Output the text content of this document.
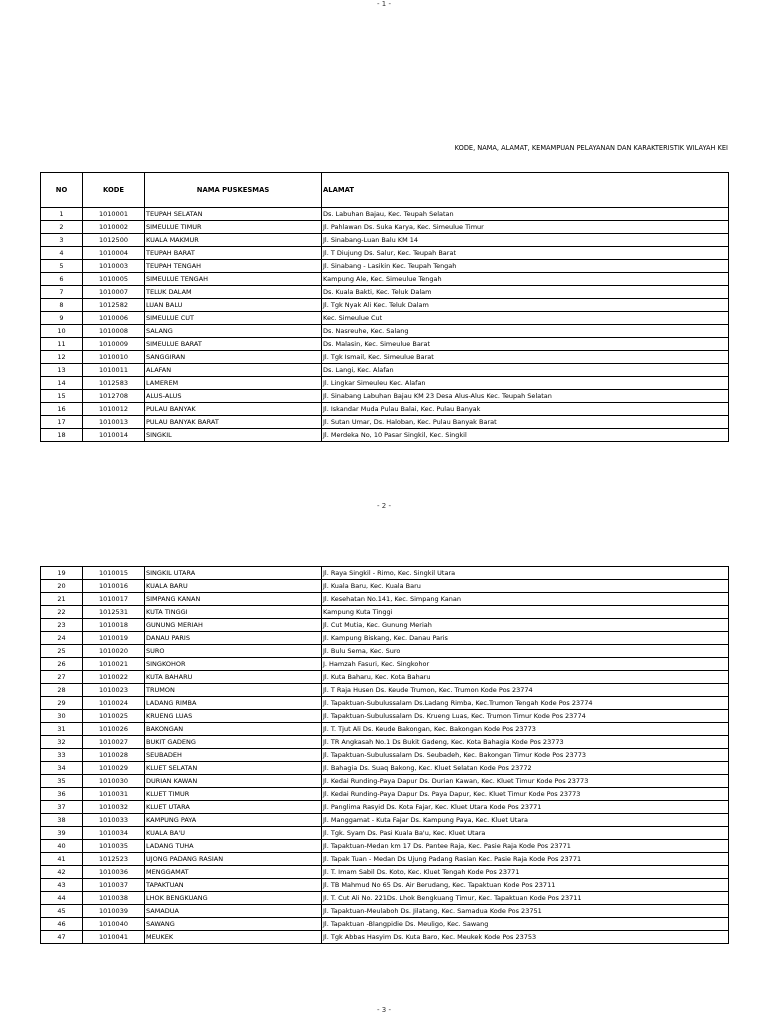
- 1 -
KODE, NAMA, ALAMAT, KEMAMPUAN PELAYANAN DAN KARAKTERISTIK WILAYAH KEI
NO	KODE	NAMA PUSKESMAS	ALAMAT
1	1010001	TEUPAH SELATAN	Ds. Labuhan Bajau, Kec. Teupah Selatan
2	1010002	SIMEULUE TIMUR	Jl. Pahlawan Ds. Suka Karya, Kec. Simeulue Timur
3	1012500	KUALA MAKMUR	Jl. Sinabang-Luan Balu KM 14
4	1010004	TEUPAH BARAT	Jl. T Diujung Ds. Salur, Kec. Teupah Barat
5	1010003	TEUPAH TENGAH	Jl. Sinabang - Lasikin Kec. Teupah Tengah
6	1010005	SIMEULUE TENGAH	Kampung Ale, Kec. Simeulue Tengah
7	1010007	TELUK DALAM	Ds. Kuala Bakti, Kec. Teluk Dalam
8	1012582	LUAN BALU	Jl. Tgk Nyak Ali Kec. Teluk Dalam
9	1010006	SIMEULUE CUT	Kec. Simeulue Cut
10	1010008	SALANG	Ds. Nasreuhe, Kec. Salang
11	1010009	SIMEULUE BARAT	Ds. Malasin, Kec. Simeulue Barat
12	1010010	SANGGIRAN	Jl. Tgk Ismail, Kec. Simeulue Barat
13	1010011	ALAFAN	Ds. Langi, Kec. Alafan
14	1012583	LAMEREM	Jl. Lingkar Simeuleu Kec. Alafan
15	1012708	ALUS-ALUS	Jl. Sinabang Labuhan Bajau KM 23 Desa Alus-Alus Kec. Teupah Selatan
16	1010012	PULAU BANYAK	Jl. Iskandar Muda Pulau Balai, Kec. Pulau Banyak
17	1010013	PULAU BANYAK BARAT	Jl. Sutan Umar, Ds. Haloban, Kec. Pulau Banyak Barat
18	1010014	SINGKIL	Jl. Merdeka No, 10 Pasar Singkil, Kec. Singkil
- 2 -
19	1010015	SINGKIL UTARA	Jl. Raya Singkil - Rimo, Kec. Singkil Utara
20	1010016	KUALA BARU	Jl. Kuala Baru, Kec. Kuala Baru
21	1010017	SIMPANG KANAN	Jl. Kesehatan No.141, Kec. Simpang Kanan
22	1012531	KUTA TINGGI	Kampung Kuta Tinggi
23	1010018	GUNUNG MERIAH	Jl. Cut Mutia, Kec. Gunung Meriah
24	1010019	DANAU PARIS	Jl. Kampung Biskang, Kec. Danau Paris
25	1010020	SURO	Jl. Bulu Sema, Kec. Suro
26	1010021	SINGKOHOR	J. Hamzah Fasuri, Kec. Singkohor
27	1010022	KUTA BAHARU	Jl. Kuta Baharu, Kec. Kota Baharu
28	1010023	TRUMON	Jl. T Raja Husen Ds. Keude Trumon, Kec. Trumon Kode Pos 23774
29	1010024	LADANG RIMBA	Jl. Tapaktuan-Subulussalam Ds.Ladang Rimba, Kec.Trumon Tengah Kode Pos 23774
30	1010025	KRUENG LUAS	Jl. Tapaktuan-Subulussalam Ds. Krueng Luas, Kec. Trumon Timur Kode Pos 23774
31	1010026	BAKONGAN	Jl. T. Tjut Ali Ds. Keude Bakongan, Kec. Bakongan Kode Pos 23773
32	1010027	BUKIT GADENG	Jl. TR Angkasah No.1 Ds Bukit Gadeng, Kec. Kota Bahagia Kode Pos 23773
33	1010028	SEUBADEH	Jl. Tapaktuan-Subulussalam Ds. Seubadeh, Kec. Bakongan Timur Kode Pos 23773
34	1010029	KLUET SELATAN	Jl. Bahagia Ds. Suaq Bakong, Kec. Kluet Selatan Kode Pos 23772
35	1010030	DURIAN KAWAN	Jl. Kedai Runding-Paya Dapur Ds. Durian Kawan, Kec. Kluet Timur Kode Pos 23773
36	1010031	KLUET TIMUR	Jl. Kedai Runding-Paya Dapur Ds. Paya Dapur, Kec. Kluet Timur Kode Pos 23773
37	1010032	KLUET UTARA	Jl. Panglima Rasyid Ds. Kota Fajar, Kec. Kluet Utara Kode Pos 23771
38	1010033	KAMPUNG PAYA	Jl. Manggamat - Kuta Fajar Ds. Kampung Paya, Kec. Kluet Utara
39	1010034	KUALA BA'U	Jl. Tgk. Syam Ds. Pasi Kuala Ba'u, Kec. Kluet Utara
40	1010035	LADANG TUHA	Jl. Tapaktuan-Medan km 17 Ds. Pantee Raja, Kec. Pasie Raja Kode Pos 23771
41	1012523	UJONG PADANG RASIAN	Jl. Tapak Tuan - Medan Ds Ujung Padang Rasian Kec. Pasie Raja Kode Pos 23771
42	1010036	MENGGAMAT	Jl. T. Imam Sabil Ds. Koto, Kec. Kluet Tengah Kode Pos 23771
43	1010037	TAPAKTUAN	Jl. TB Mahmud No 65 Ds. Air Berudang, Kec. Tapaktuan Kode Pos 23711
44	1010038	LHOK BENGKUANG	Jl. T. Cut Ali No. 221Ds. Lhok Bengkuang Timur, Kec. Tapaktuan Kode Pos 23711
45	1010039	SAMADUA	Jl. Tapaktuan-Meulaboh Ds. Jilatang, Kec. Samadua Kode Pos 23751
46	1010040	SAWANG	Jl. Tapaktuan -Blangpidie Ds. Meuligo, Kec. Sawang
47	1010041	MEUKEK	Jl. Tgk Abbas Hasyim Ds. Kuta Baro, Kec. Meukek Kode Pos 23753
- 3 -
